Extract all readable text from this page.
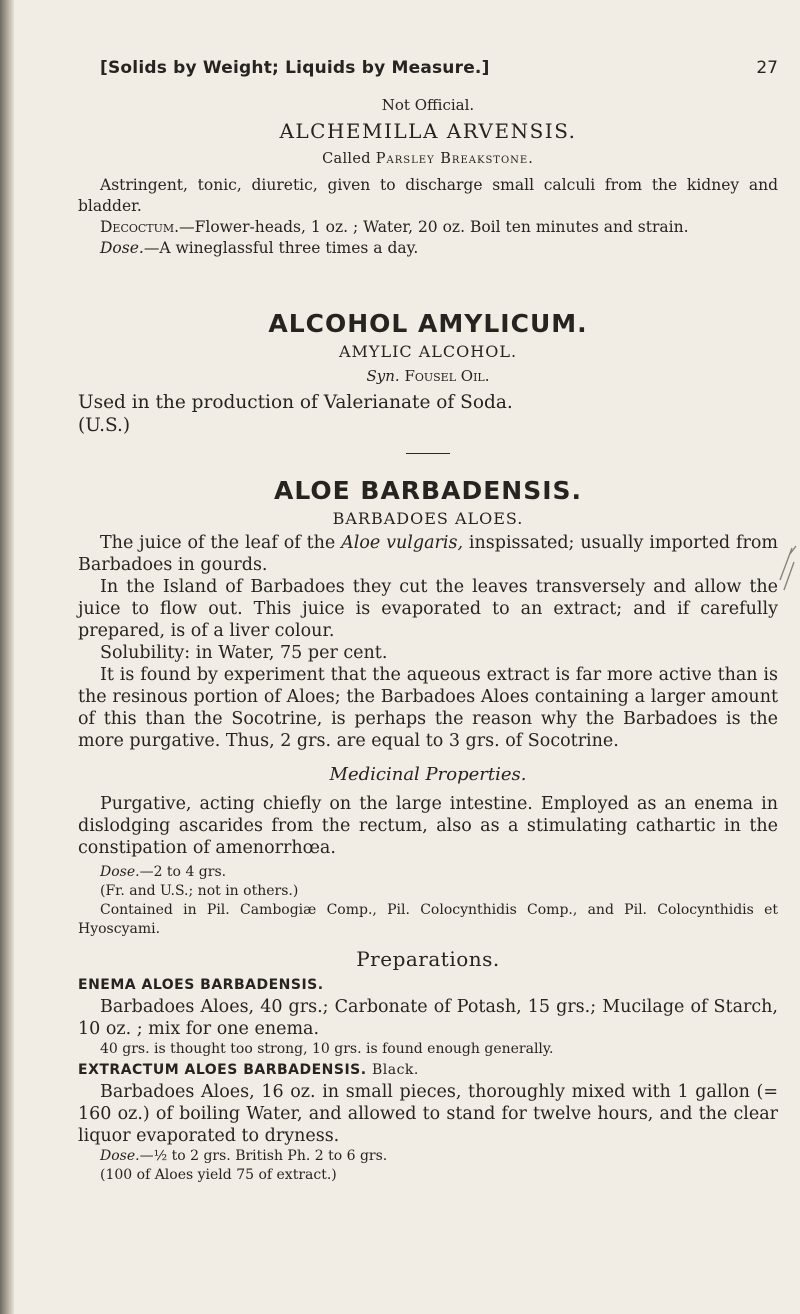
[Solids by Weight; Liquids by Measure.]	27
Not Official.
ALCHEMILLA ARVENSIS.
Called Parsley Breakstone.

Astringent, tonic, diuretic, given to discharge small calculi from the kidney and bladder.

Decoctum.—Flower-heads, 1 oz. ; Water, 20 oz. Boil ten minutes and strain.

Dose.—A wineglassful three times a day.

ALCOHOL AMYLICUM.
AMYLIC ALCOHOL.
Syn. Fousel Oil.

Used in the production of Valerianate of Soda.

(U.S.)

ALOE BARBADENSIS.
BARBADOES ALOES.

The juice of the leaf of the Aloe vulgaris, inspissated; usually imported from Barbadoes in gourds.

In the Island of Barbadoes they cut the leaves transversely and allow the juice to flow out. This juice is evaporated to an extract; and if carefully prepared, is of a liver colour.

Solubility: in Water, 75 per cent.

It is found by experiment that the aqueous extract is far more active than is the resinous portion of Aloes; the Barbadoes Aloes containing a larger amount of this than the Socotrine, is perhaps the reason why the Barbadoes is the more purgative. Thus, 2 grs. are equal to 3 grs. of Socotrine.

Medicinal Properties.

Purgative, acting chiefly on the large intestine. Employed as an enema in dislodging ascarides from the rectum, also as a stimulating cathartic in the constipation of amenorrhœa.

Dose.—2 to 4 grs.

(Fr. and U.S.; not in others.)

Contained in Pil. Cambogiæ Comp., Pil. Colocynthidis Comp., and Pil. Colocynthidis et Hyoscyami.

Preparations.
ENEMA ALOES BARBADENSIS.

Barbadoes Aloes, 40 grs.; Carbonate of Potash, 15 grs.; Mucilage of Starch, 10 oz. ; mix for one enema.

40 grs. is thought too strong, 10 grs. is found enough generally.

EXTRACTUM ALOES BARBADENSIS. Black.

Barbadoes Aloes, 16 oz. in small pieces, thoroughly mixed with 1 gallon (= 160 oz.) of boiling Water, and allowed to stand for twelve hours, and the clear liquor evaporated to dryness.

Dose.—½ to 2 grs. British Ph. 2 to 6 grs.

(100 of Aloes yield 75 of extract.)
